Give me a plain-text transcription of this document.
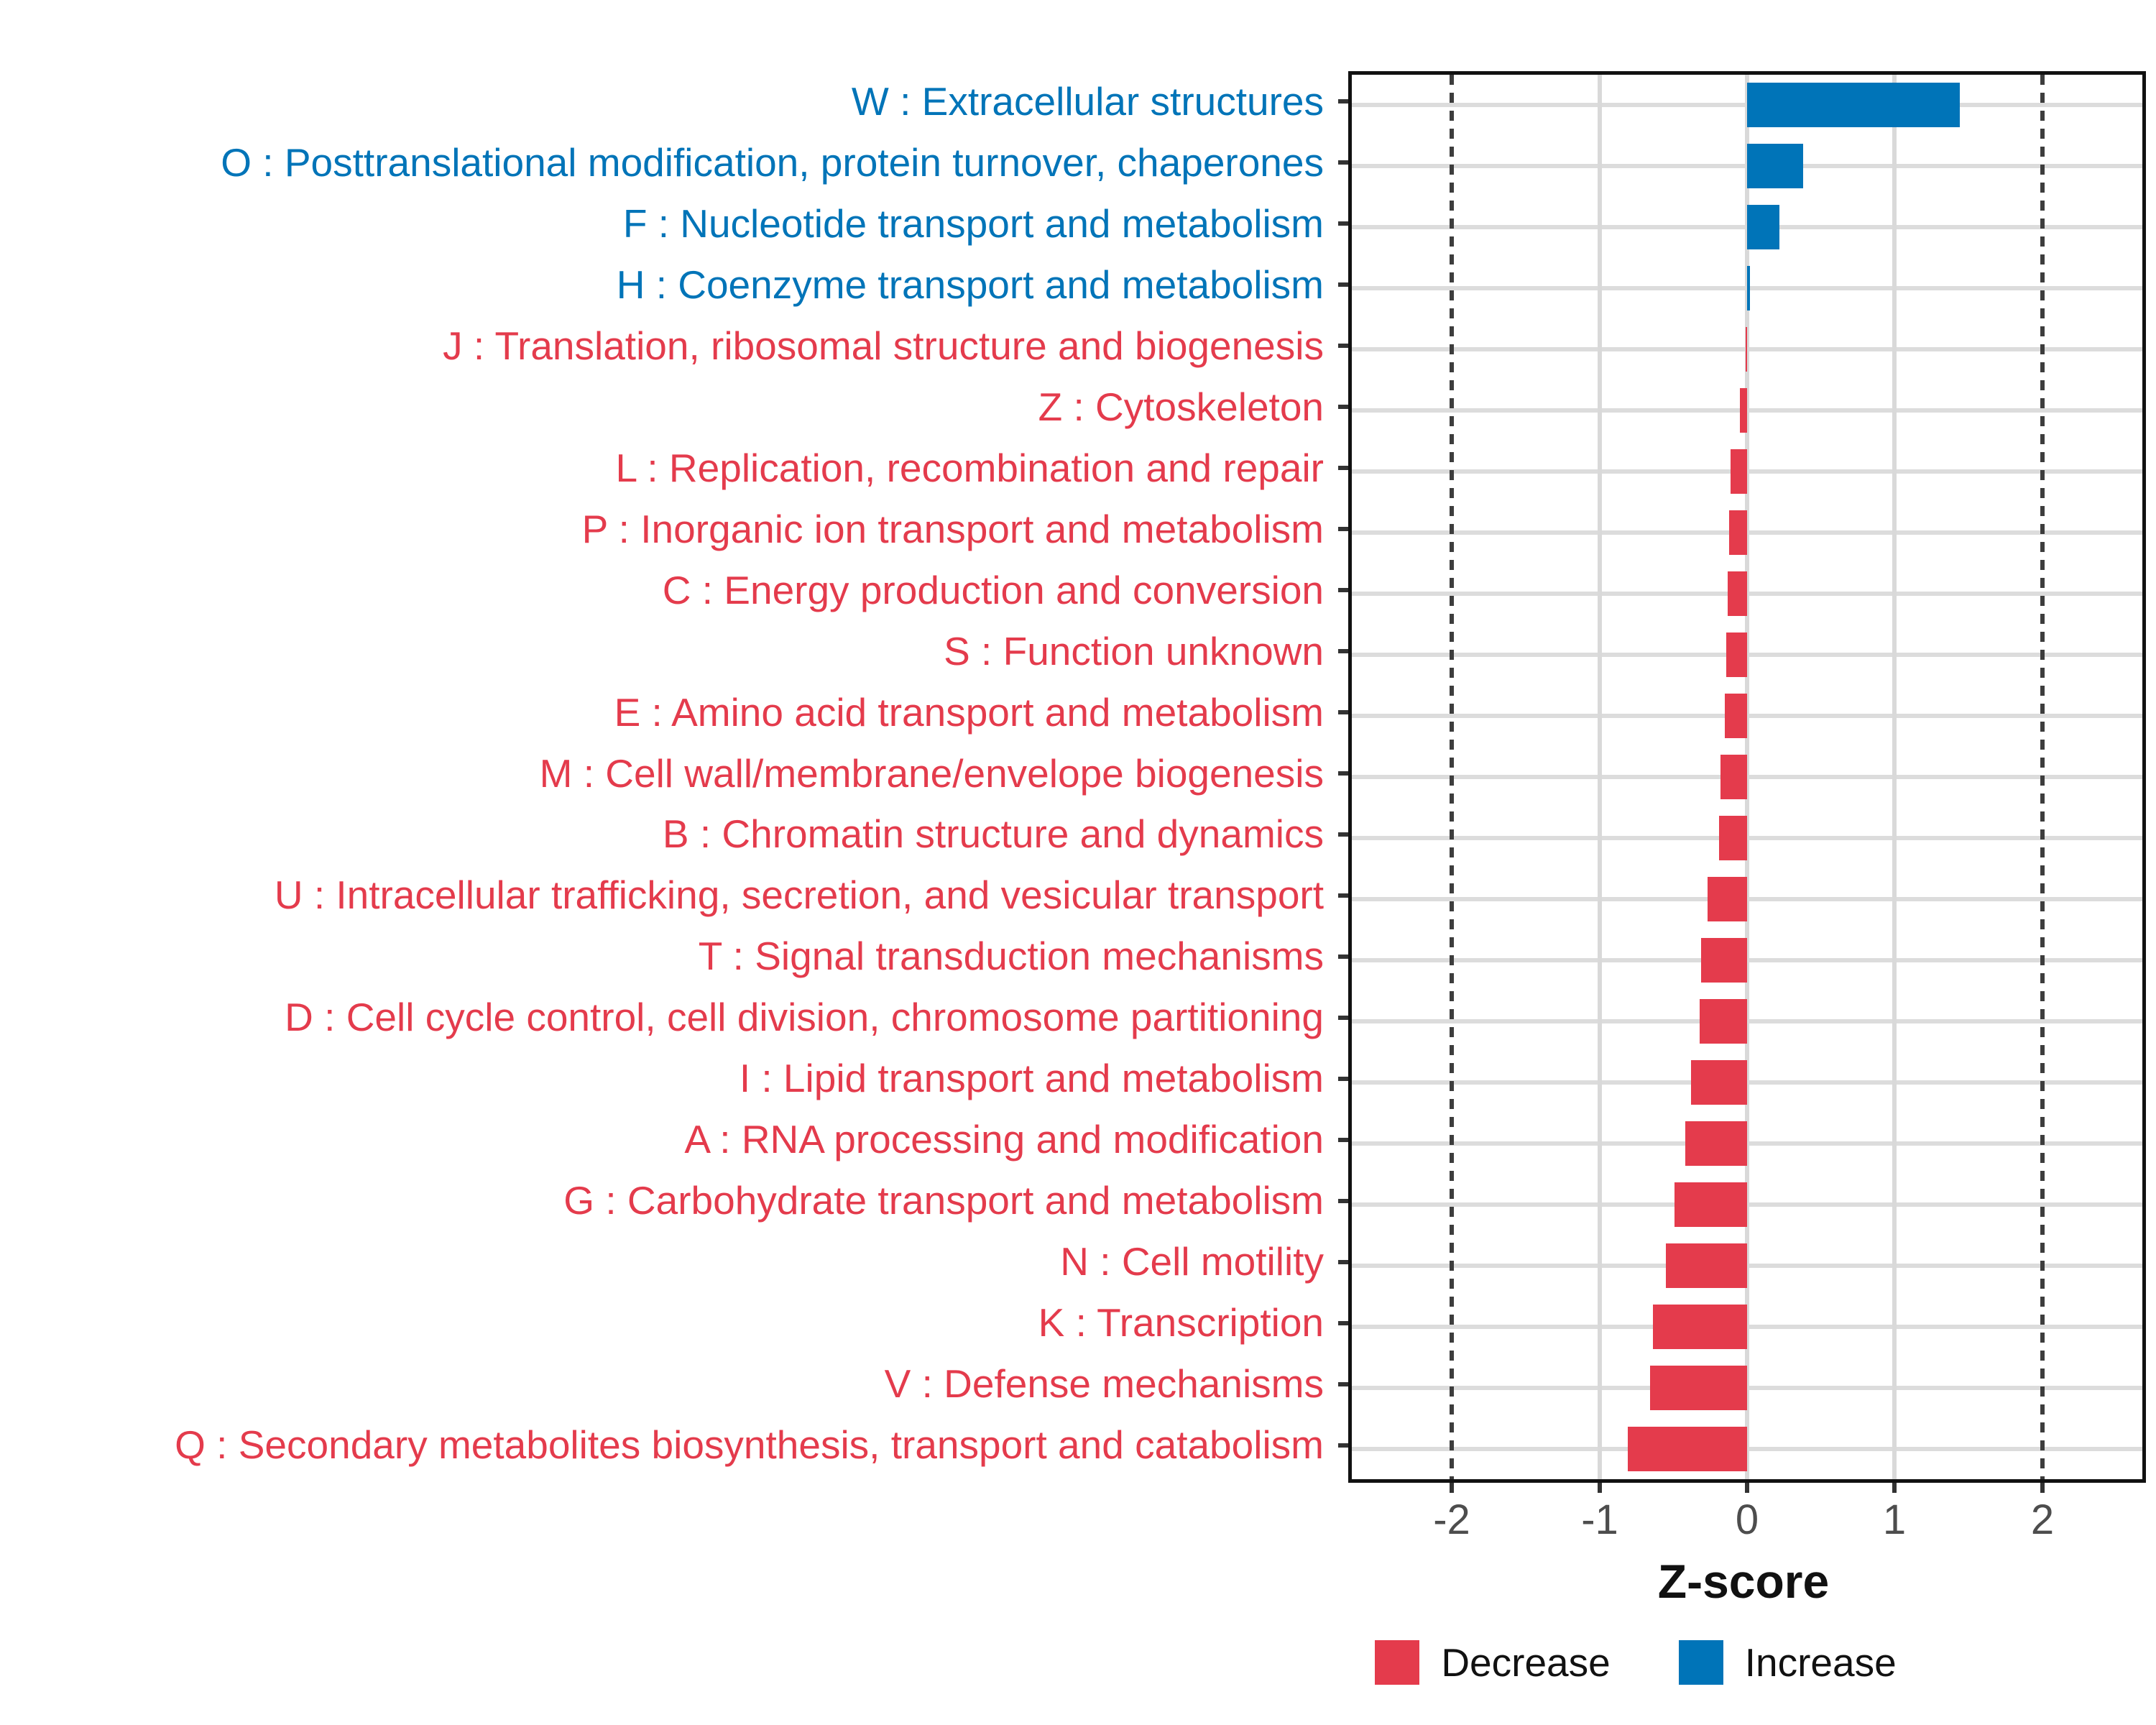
W : Extracellular structures
O : Posttranslational modification, protein turnover, chaperones
F : Nucleotide transport and metabolism
H : Coenzyme transport and metabolism
J : Translation, ribosomal structure and biogenesis
Z : Cytoskeleton
L : Replication, recombination and repair
P : Inorganic ion transport and metabolism
C : Energy production and conversion
S : Function unknown
E : Amino acid transport and metabolism
M : Cell wall/membrane/envelope biogenesis
B : Chromatin structure and dynamics
U : Intracellular trafficking, secretion, and vesicular transport
T : Signal transduction mechanisms
D : Cell cycle control, cell division, chromosome partitioning
I : Lipid transport and metabolism
A : RNA processing and modification
G : Carbohydrate transport and metabolism
N : Cell motility
K : Transcription
V : Defense mechanisms
Q : Secondary metabolites biosynthesis, transport and catabolism
-2	-1	0	1	2
Z-score
Decrease	Increase
